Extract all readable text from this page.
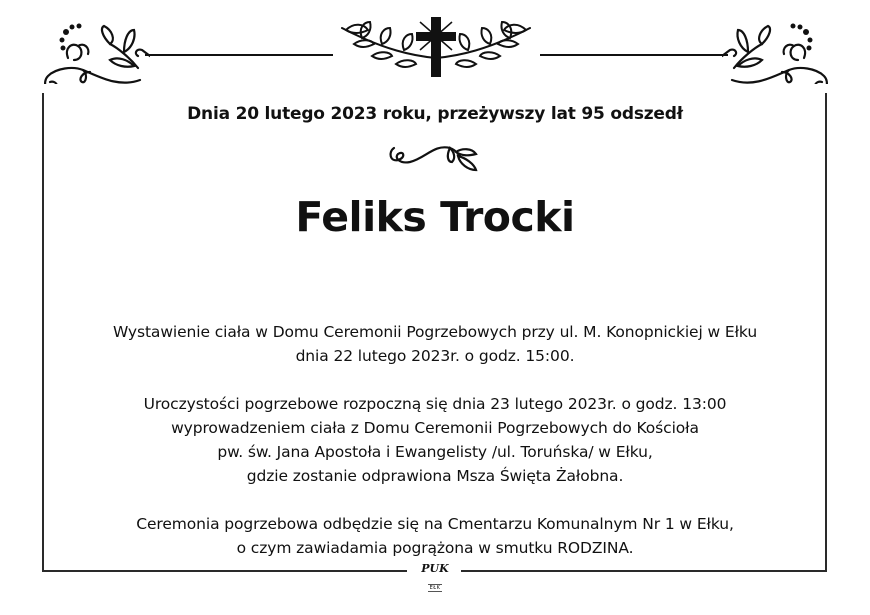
Dnia 20 lutego 2023 roku, przeżywszy lat 95 odszedł
Feliks Trocki
Wystawienie ciała w Domu Ceremonii Pogrzebowych przy ul. M. Konopnickiej w Ełku
dnia 22 lutego 2023r. o godz. 15:00.
Uroczystości pogrzebowe rozpoczną się dnia 23 lutego 2023r. o godz. 13:00
wyprowadzeniem ciała z Domu Ceremonii Pogrzebowych do Kościoła
pw. św. Jana Apostoła i Ewangelisty /ul. Toruńska/ w Ełku,
gdzie zostanie odprawiona Msza Święta Żałobna.
Ceremonia pogrzebowa odbędzie się na Cmentarzu Komunalnym Nr 1 w Ełku,
o czym zawiadamia pogrążona w smutku RODZINA.
PUK
EŁK
